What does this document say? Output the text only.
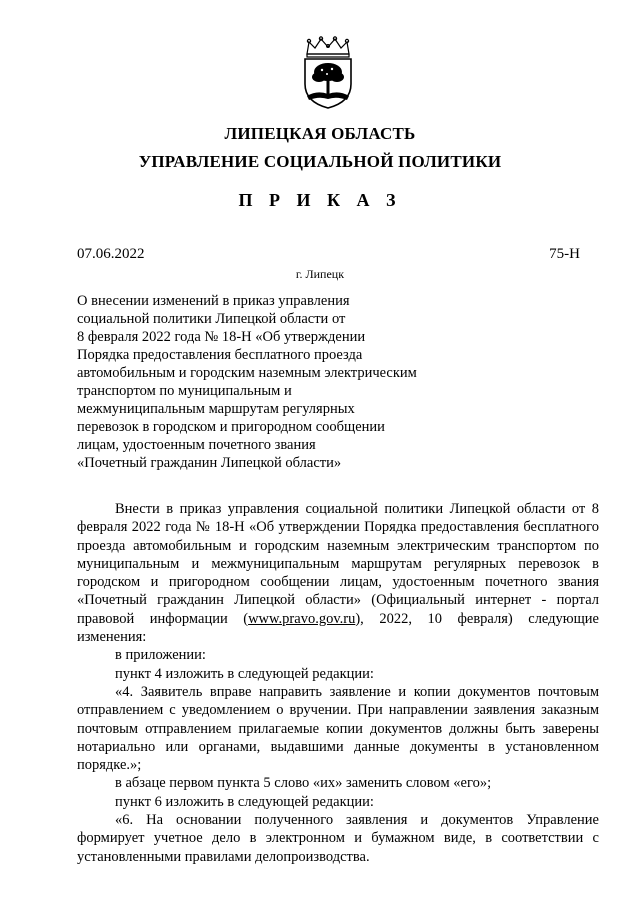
ЛИПЕЦКАЯ ОБЛАСТЬ
УПРАВЛЕНИЕ СОЦИАЛЬНОЙ ПОЛИТИКИ
П Р И К А З
07.06.2022	75-Н
г. Липецк
О внесении изменений в приказ управления
социальной политики Липецкой области от
8 февраля 2022 года № 18-Н «Об утверждении
Порядка предоставления бесплатного проезда
автомобильным и городским наземным электрическим
транспортом по муниципальным и
межмуниципальным маршрутам регулярных
перевозок в городском и пригородном сообщении
лицам, удостоенным почетного звания
«Почетный гражданин Липецкой области»

Внести в приказ управления социальной политики Липецкой области от 8 февраля 2022 года № 18-Н «Об утверждении Порядка предоставления бесплатного проезда автомобильным и городским наземным электрическим транспортом по муниципальным и межмуниципальным маршрутам регулярных перевозок в городском и пригородном сообщении лицам, удостоенным почетного звания «Почетный гражданин Липецкой области» (Официальный интернет - портал правовой информации (www.pravo.gov.ru), 2022, 10 февраля) следующие изменения:

в приложении:

пункт 4 изложить в следующей редакции:

«4. Заявитель вправе направить заявление и копии документов почтовым отправлением с уведомлением о вручении. При направлении заявления заказным почтовым отправлением прилагаемые копии документов должны быть заверены нотариально или органами, выдавшими данные документы в установленном порядке.»;

в абзаце первом пункта 5 слово «их» заменить словом «его»;

пункт 6 изложить в следующей редакции:

«6. На основании полученного заявления и документов Управление формирует учетное дело в электронном и бумажном виде, в соответствии с установленными правилами делопроизводства.
